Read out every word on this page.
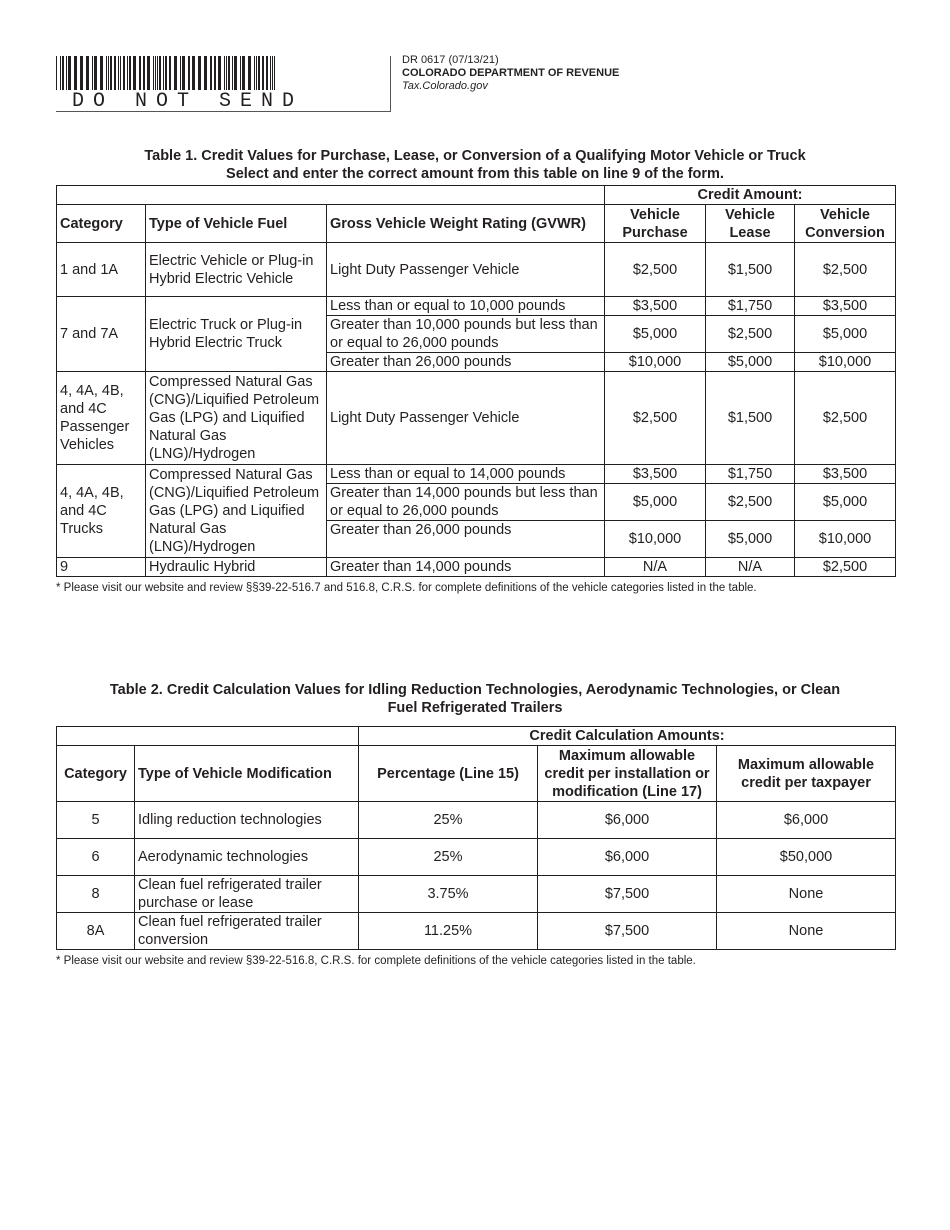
DO NOT SEND
DR 0617 (07/13/21)
COLORADO DEPARTMENT OF REVENUE
Tax.Colorado.gov
Table 1. Credit Values for Purchase, Lease, or Conversion of a Qualifying Motor Vehicle or Truck
Select and enter the correct amount from this table on line 9 of the form.
			Credit Amount:		
Category	Type of Vehicle Fuel	Gross Vehicle Weight Rating (GVWR)	Vehicle Purchase	Vehicle Lease	Vehicle Conversion
1 and 1A	Electric Vehicle or Plug-in Hybrid Electric Vehicle	Light Duty Passenger Vehicle	$2,500	$1,500	$2,500
7 and 7A	Electric Truck or Plug-in Hybrid Electric Truck	Less than or equal to 10,000 pounds	$3,500	$1,750	$3,500
		Greater than 10,000 pounds but less than or equal to 26,000 pounds	$5,000	$2,500	$5,000
		Greater than 26,000 pounds	$10,000	$5,000	$10,000
4, 4A, 4B, and 4C Passenger Vehicles	Compressed Natural Gas (CNG)/Liquified Petroleum Gas (LPG) and Liquified Natural Gas (LNG)/Hydrogen	Light Duty Passenger Vehicle	$2,500	$1,500	$2,500
4, 4A, 4B, and 4C Trucks	Compressed Natural Gas (CNG)/Liquified Petroleum Gas (LPG) and Liquified Natural Gas (LNG)/Hydrogen	Less than or equal to 14,000 pounds	$3,500	$1,750	$3,500
		Greater than 14,000 pounds but less than or equal to 26,000 pounds	$5,000	$2,500	$5,000
		Greater than 26,000 pounds	$10,000	$5,000	$10,000
9	Hydraulic Hybrid	Greater than 14,000 pounds	N/A	N/A	$2,500
* Please visit our website and review §§39-22-516.7 and 516.8, C.R.S. for complete definitions of the vehicle categories listed in the table.
Table 2. Credit Calculation Values for Idling Reduction Technologies, Aerodynamic Technologies, or Clean
Fuel Refrigerated Trailers
		Credit Calculation Amounts:		
Category	Type of Vehicle Modification	Percentage (Line 15)	Maximum allowable credit per installation or modification (Line 17)	Maximum allowable credit per taxpayer
5	Idling reduction technologies	25%	$6,000	$6,000
6	Aerodynamic technologies	25%	$6,000	$50,000
8	Clean fuel refrigerated trailer purchase or lease	3.75%	$7,500	None
8A	Clean fuel refrigerated trailer conversion	11.25%	$7,500	None
* Please visit our website and review §39-22-516.8, C.R.S. for complete definitions of the vehicle categories listed in the table.
